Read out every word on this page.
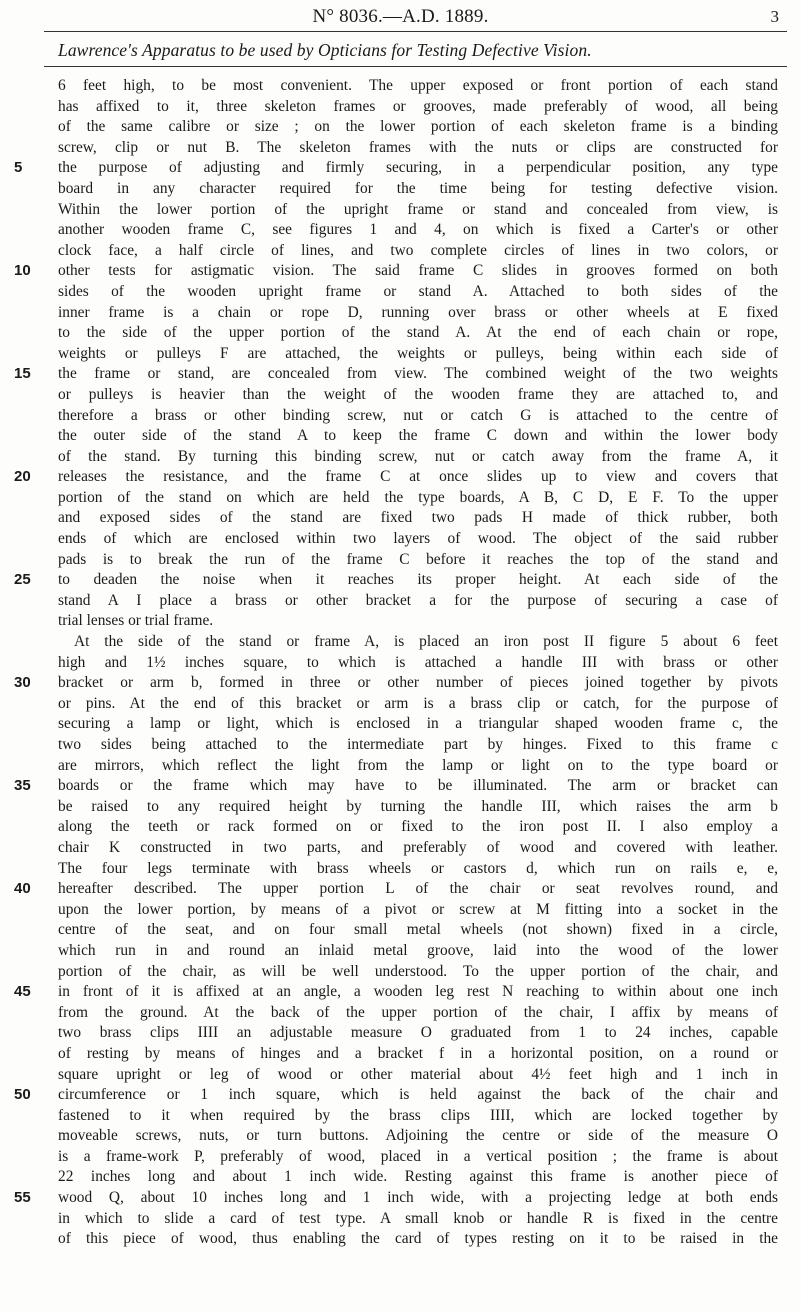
N° 8036.—A.D. 1889.	3
Lawrence's Apparatus to be used by Opticians for Testing Defective Vision.
6 feet high, to be most convenient. The upper exposed or front portion of each stand
has affixed to it, three skeleton frames or grooves, made preferably of wood, all being
of the same calibre or size ; on the lower portion of each skeleton frame is a binding
screw, clip or nut B. The skeleton frames with the nuts or clips are constructed for
5	the purpose of adjusting and firmly securing, in a perpendicular position, any type
board in any character required for the time being for testing defective vision.
Within the lower portion of the upright frame or stand and concealed from view, is
another wooden frame C, see figures 1 and 4, on which is fixed a Carter's or other
clock face, a half circle of lines, and two complete circles of lines in two colors, or
10	other tests for astigmatic vision. The said frame C slides in grooves formed on both
sides of the wooden upright frame or stand A. Attached to both sides of the
inner frame is a chain or rope D, running over brass or other wheels at E fixed
to the side of the upper portion of the stand A. At the end of each chain or rope,
weights or pulleys F are attached, the weights or pulleys, being within each side of
15	the frame or stand, are concealed from view. The combined weight of the two weights
or pulleys is heavier than the weight of the wooden frame they are attached to, and
therefore a brass or other binding screw, nut or catch G is attached to the centre of
the outer side of the stand A to keep the frame C down and within the lower body
of the stand. By turning this binding screw, nut or catch away from the frame A, it
20	releases the resistance, and the frame C at once slides up to view and covers that
portion of the stand on which are held the type boards, A B, C D, E F. To the upper
and exposed sides of the stand are fixed two pads H made of thick rubber, both
ends of which are enclosed within two layers of wood. The object of the said rubber
pads is to break the run of the frame C before it reaches the top of the stand and
25	to deaden the noise when it reaches its proper height. At each side of the
stand A I place a brass or other bracket a for the purpose of securing a case of
trial lenses or trial frame.
At the side of the stand or frame A, is placed an iron post II figure 5 about 6 feet
high and 1½ inches square, to which is attached a handle III with brass or other
30	bracket or arm b, formed in three or other number of pieces joined together by pivots
or pins. At the end of this bracket or arm is a brass clip or catch, for the purpose of
securing a lamp or light, which is enclosed in a triangular shaped wooden frame c, the
two sides being attached to the intermediate part by hinges. Fixed to this frame c
are mirrors, which reflect the light from the lamp or light on to the type board or
35	boards or the frame which may have to be illuminated. The arm or bracket can
be raised to any required height by turning the handle III, which raises the arm b
along the teeth or rack formed on or fixed to the iron post II. I also employ a
chair K constructed in two parts, and preferably of wood and covered with leather.
The four legs terminate with brass wheels or castors d, which run on rails e, e,
40	hereafter described. The upper portion L of the chair or seat revolves round, and
upon the lower portion, by means of a pivot or screw at M fitting into a socket in the
centre of the seat, and on four small metal wheels (not shown) fixed in a circle,
which run in and round an inlaid metal groove, laid into the wood of the lower
portion of the chair, as will be well understood. To the upper portion of the chair, and
45	in front of it is affixed at an angle, a wooden leg rest N reaching to within about one inch
from the ground. At the back of the upper portion of the chair, I affix by means of
two brass clips IIII an adjustable measure O graduated from 1 to 24 inches, capable
of resting by means of hinges and a bracket f in a horizontal position, on a round or
square upright or leg of wood or other material about 4½ feet high and 1 inch in
50	circumference or 1 inch square, which is held against the back of the chair and
fastened to it when required by the brass clips IIII, which are locked together by
moveable screws, nuts, or turn buttons. Adjoining the centre or side of the measure O
is a frame-work P, preferably of wood, placed in a vertical position ; the frame is about
22 inches long and about 1 inch wide. Resting against this frame is another piece of
55	wood Q, about 10 inches long and 1 inch wide, with a projecting ledge at both ends
in which to slide a card of test type. A small knob or handle R is fixed in the centre
of this piece of wood, thus enabling the card of types resting on it to be raised in the
